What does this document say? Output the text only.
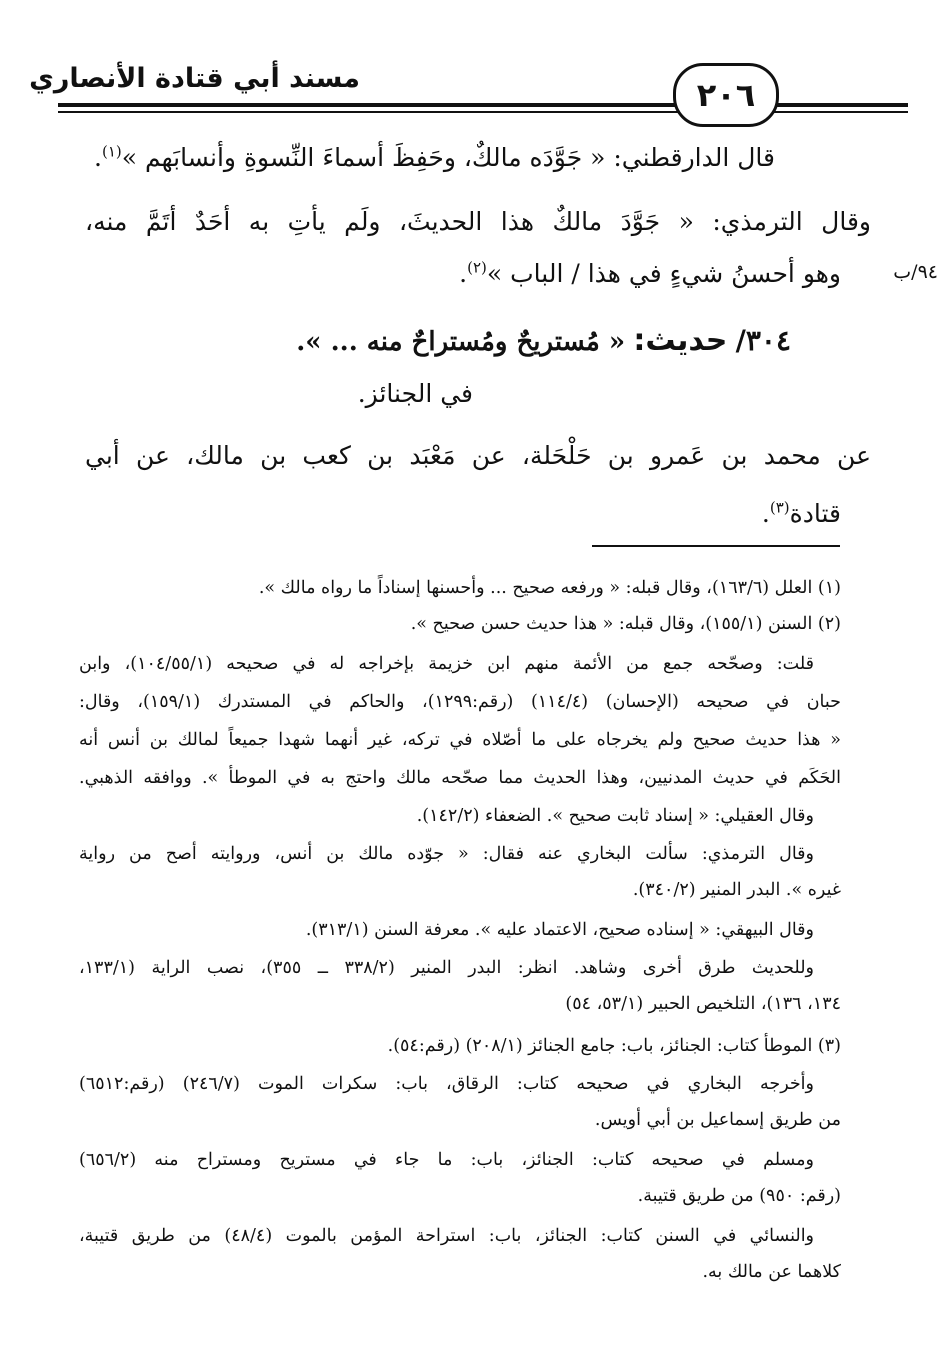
مسند أبي قتادة الأنصاري	٢٠٦
٩٤/ب
قال الدارقطني: « جَوَّدَه مالكٌ، وحَفِظَ أسماءَ النِّسوةِ وأنسابَهم »$^{(١)}$.
وقال الترمذي: « جَوَّدَ مالكٌ هذا الحديثَ، ولَم يأتِ به أحَدٌ أتَمَّ منه،
وهو أحسنُ شيءٍ في هذا / الباب »$^{(٢)}$.
٣٠٤/ حديث: « مُستريحٌ ومُستراحٌ منه ... ».
في الجنائز.
عن محمد بن عَمرو بن حَلْحَلة، عن مَعْبَد بن كعب بن مالك، عن أبي
قتادة$^{(٣)}$.
(١) العلل (١٦٣/٦)، وقال قبله: « ورفعه صحيح ... وأحسنها إسناداً ما رواه مالك ».
(٢) السنن (١٥٥/١)، وقال قبله: « هذا حديث حسن صحيح ».
قلت: وصحّحه جمع من الأئمة منهم ابن خزيمة بإخراجه له في صحيحه (١٠٤/٥٥/١)، وابن
حبان في صحيحه (الإحسان) (١١٤/٤) (رقم:١٢٩٩)، والحاكم في المستدرك (١٥٩/١)، وقال:
« هذا حديث صحيح ولم يخرجاه على ما أصّلاه في تركه، غير أنهما شهدا جميعاً لمالك بن أنس أنه
الحَكَم في حديث المدنيين، وهذا الحديث مما صحّحه مالك واحتج به في الموطأ ». ووافقه الذهبي.
وقال العقيلي: « إسناد ثابت صحيح ». الضعفاء (١٤٢/٢).
وقال الترمذي: سألت البخاري عنه فقال: « جوّده مالك بن أنس، وروايته أصح من رواية
غيره ». البدر المنير (٣٤٠/٢).
وقال البيهقي: « إسناده صحيح، الاعتماد عليه ». معرفة السنن (٣١٣/١).
وللحديث طرق أخرى وشاهد. انظر: البدر المنير (٣٣٨/٢ ــ ٣٥٥)، نصب الراية (١٣٣/١،
١٣٤، ١٣٦)، التلخيص الحبير (٥٣/١، ٥٤)
(٣) الموطأ كتاب: الجنائز، باب: جامع الجنائز (٢٠٨/١) (رقم:٥٤).
وأخرجه البخاري في صحيحه كتاب: الرقاق، باب: سكرات الموت (٢٤٦/٧) (رقم:٦٥١٢)
من طريق إسماعيل بن أبي أويس.
ومسلم في صحيحه كتاب: الجنائز، باب: ما جاء في مستريح ومستراح منه (٦٥٦/٢)
(رقم: ٩٥٠) من طريق قتيبة.
والنسائي في السنن كتاب: الجنائز، باب: استراحة المؤمن بالموت (٤٨/٤) من طريق قتيبة،
كلاهما عن مالك به.
